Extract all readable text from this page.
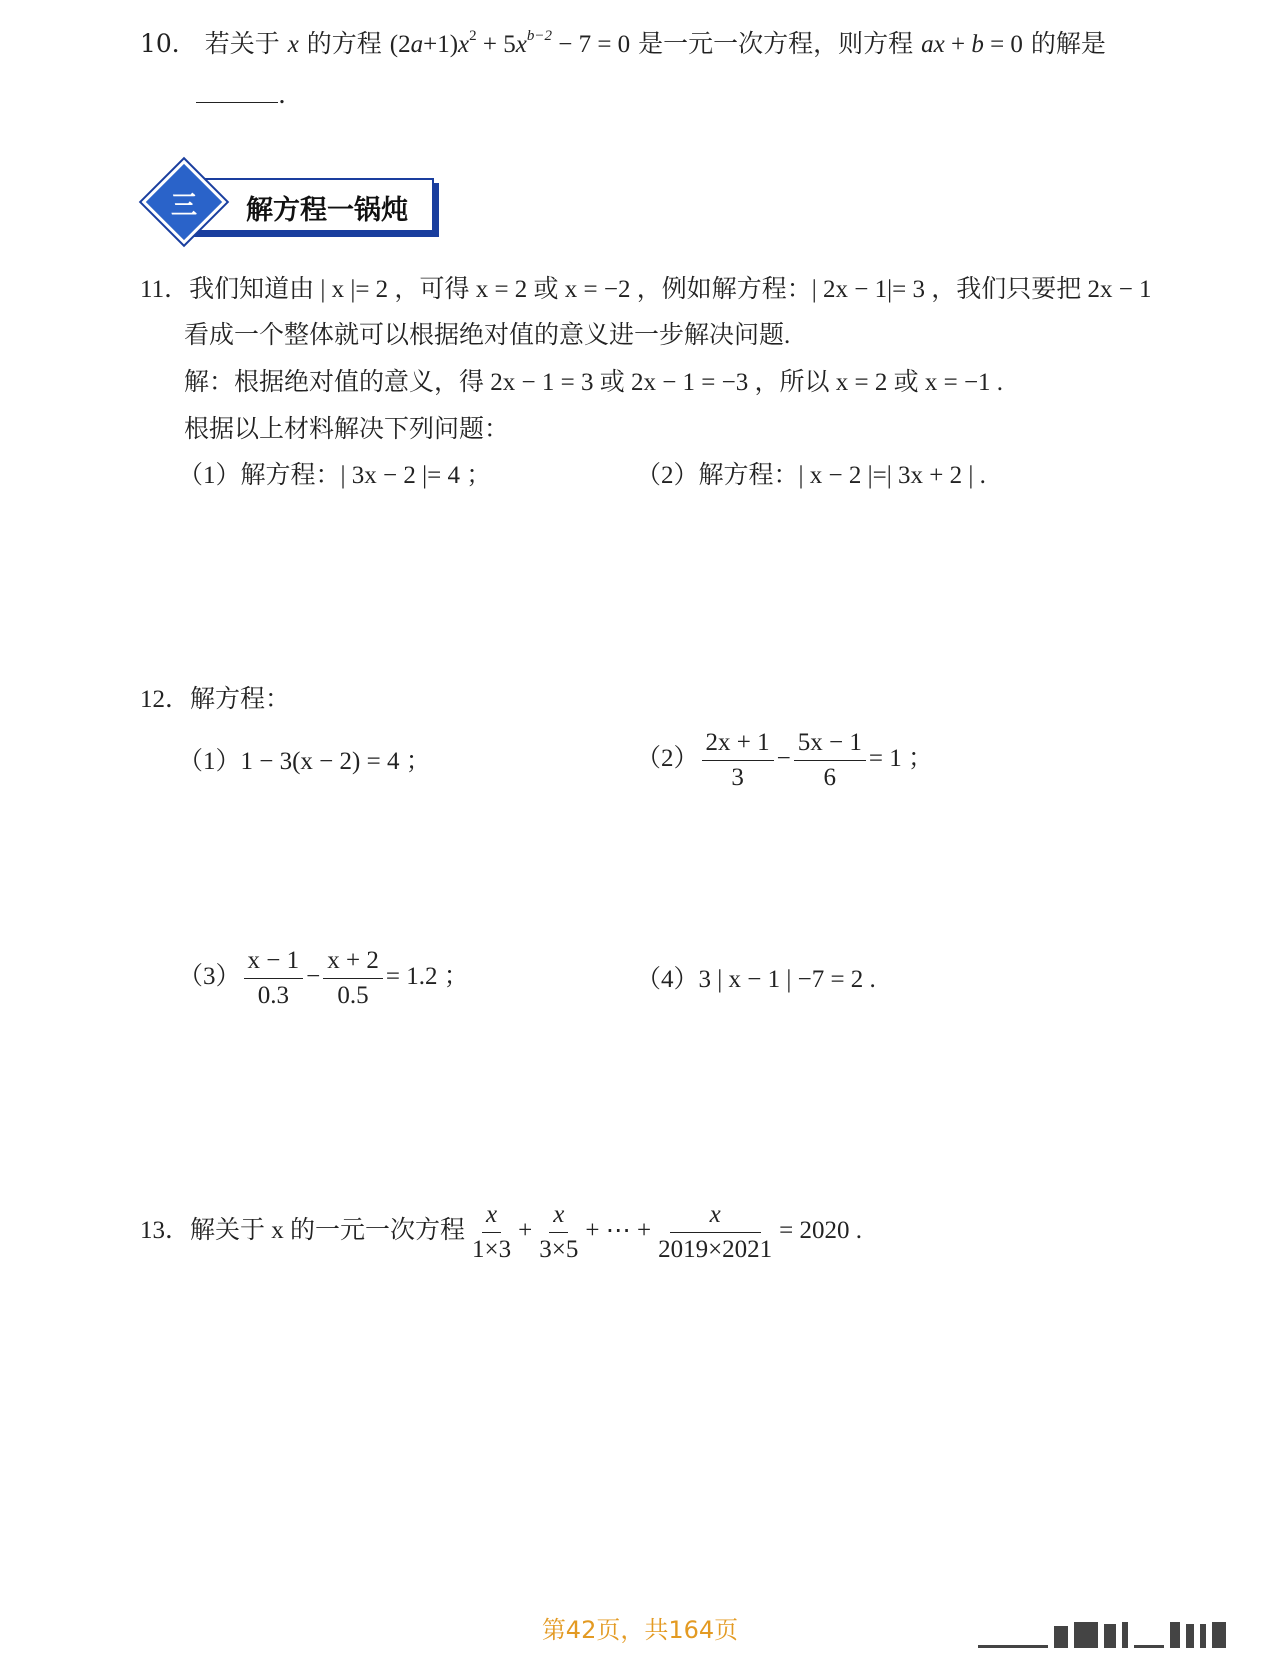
10． 若关于 x 的方程 $(2a+1)x^2 + 5x^{b-2} - 7 = 0$ 是一元一次方程，则方程 ax + b = 0 的解是
.
三	解方程一锅炖
11．我们知道由 | x |= 2 ，可得 x = 2 或 x = −2 ，例如解方程：| 2x − 1|= 3 ，我们只要把 2x − 1
看成一个整体就可以根据绝对值的意义进一步解决问题.
解：根据绝对值的意义，得 2x − 1 = 3 或 2x − 1 = −3 ，所以 x = 2 或 x = −1 .
根据以上材料解决下列问题：
（1）解方程：| 3x − 2 |= 4 ；	（2）解方程：| x − 2 |=| 3x + 2 | .
12．解方程：
（1）1 − 3(x − 2) = 4 ；	$(2) \frac{2x + 1}{3} - \frac{5x - 1}{6} = 1$ ；
$(3) \frac{x - 1}{0.3} - \frac{x + 2}{0.5} = 1.2$ ；	（4）3 | x − 1 | −7 = 2 .
13．解关于 x 的一元一次方程 $\frac{x}{1\times 3} + \frac{x}{3\times 5}$ + ⋯ + $\frac{x}{2019\times 2021} = 2020$ .
第42页，共164页
